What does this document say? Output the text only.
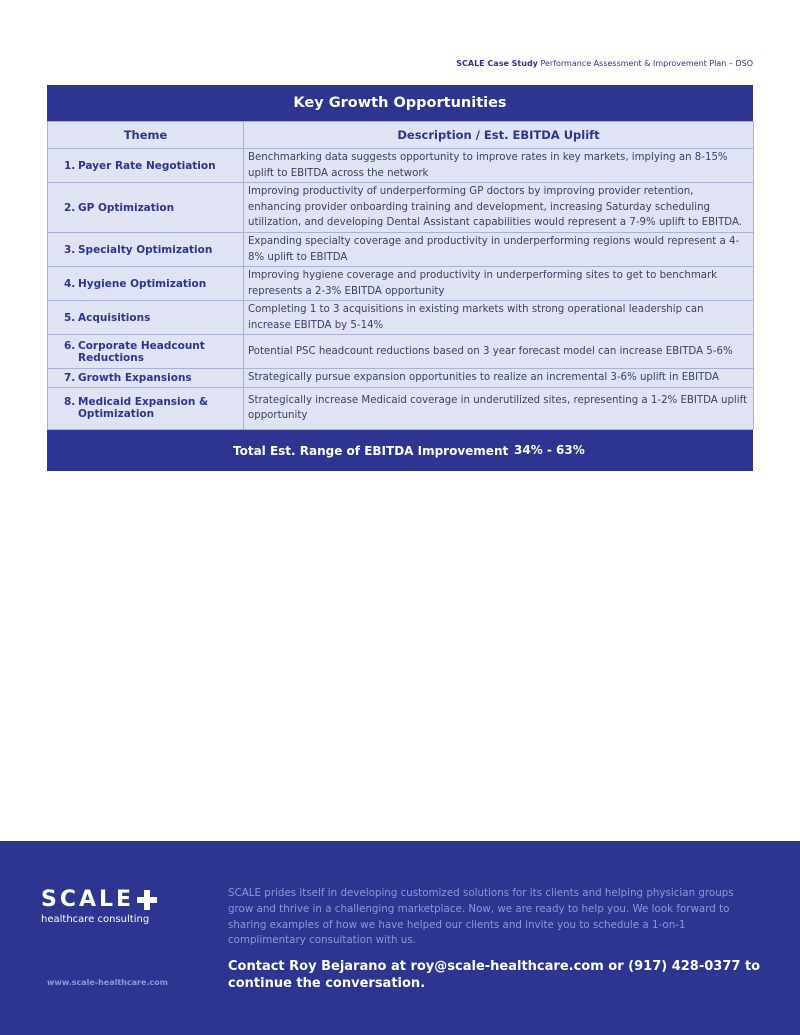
SCALE Case Study Performance Assessment & Improvement Plan – DSO
Key Growth Opportunities
Theme	Description / Est. EBITDA Uplift
1. Payer Rate Negotiation	Benchmarking data suggests opportunity to improve rates in key markets, implying an 8-15% uplift to EBITDA across the network
2. GP Optimization	Improving productivity of underperforming GP doctors by improving provider retention, enhancing provider onboarding training and development, increasing Saturday scheduling utilization, and developing Dental Assistant capabilities would represent a 7-9% uplift to EBITDA.
3. Specialty Optimization	Expanding specialty coverage and productivity in underperforming regions would represent a 4-8% uplift to EBITDA
4. Hygiene Optimization	Improving hygiene coverage and productivity in underperforming sites to get to benchmark represents a 2-3% EBITDA opportunity
5. Acquisitions	Completing 1 to 3 acquisitions in existing markets with strong operational leadership can increase EBITDA by 5-14%
6. Corporate Headcount Reductions	Potential PSC headcount reductions based on 3 year forecast model can increase EBITDA 5-6%
7. Growth Expansions	Strategically pursue expansion opportunities to realize an incremental 3-6% uplift in EBITDA
8. Medicaid Expansion & Optimization	Strategically increase Medicaid coverage in underutilized sites, representing a 1-2% EBITDA uplift opportunity
Total Est. Range of EBITDA Improvement 34% - 63%
SCALE
healthcare consulting
www.scale-healthcare.com
SCALE prides itself in developing customized solutions for its clients and helping physician groups grow and thrive in a challenging marketplace. Now, we are ready to help you. We look forward to sharing examples of how we have helped our clients and invite you to schedule a 1-on-1 complimentary consultation with us.
Contact Roy Bejarano at roy@scale-healthcare.com or (917) 428-0377 to continue the conversation.
